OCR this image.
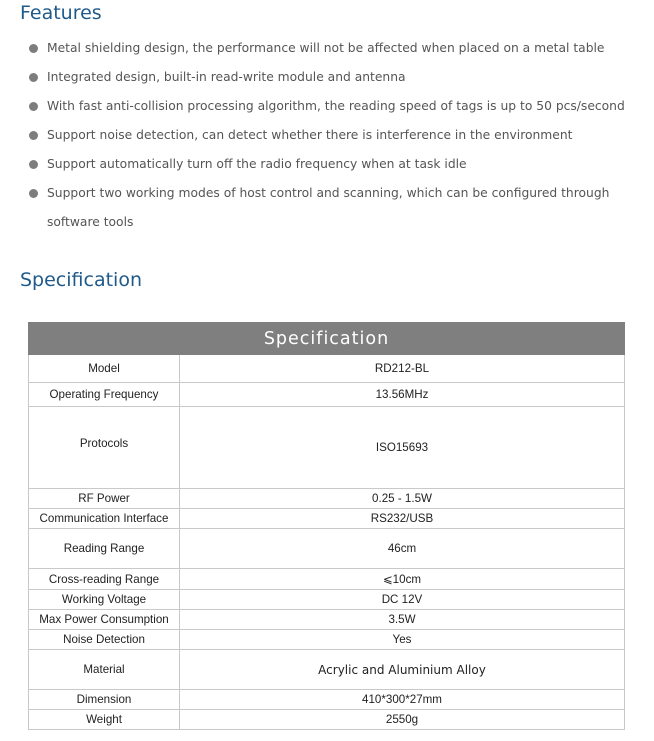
Features
Metal shielding design, the performance will not be affected when placed on a metal table
Integrated design, built-in read-write module and antenna
With fast anti-collision processing algorithm, the reading speed of tags is up to 50 pcs/second
Support noise detection, can detect whether there is interference in the environment
Support automatically turn off the radio frequency when at task idle
Support two working modes of host control and scanning, which can be configured through software tools
Specification
Specification	
Model	RD212-BL
Operating Frequency	13.56MHz
Protocols	ISO15693
RF Power	0.25 - 1.5W
Communication Interface	RS232/USB
Reading Range	46cm
Cross-reading Range	⩽10cm
Working Voltage	DC 12V
Max Power Consumption	3.5W
Noise Detection	Yes
Material	Acrylic and Aluminium Alloy
Dimension	410*300*27mm
Weight	2550g
